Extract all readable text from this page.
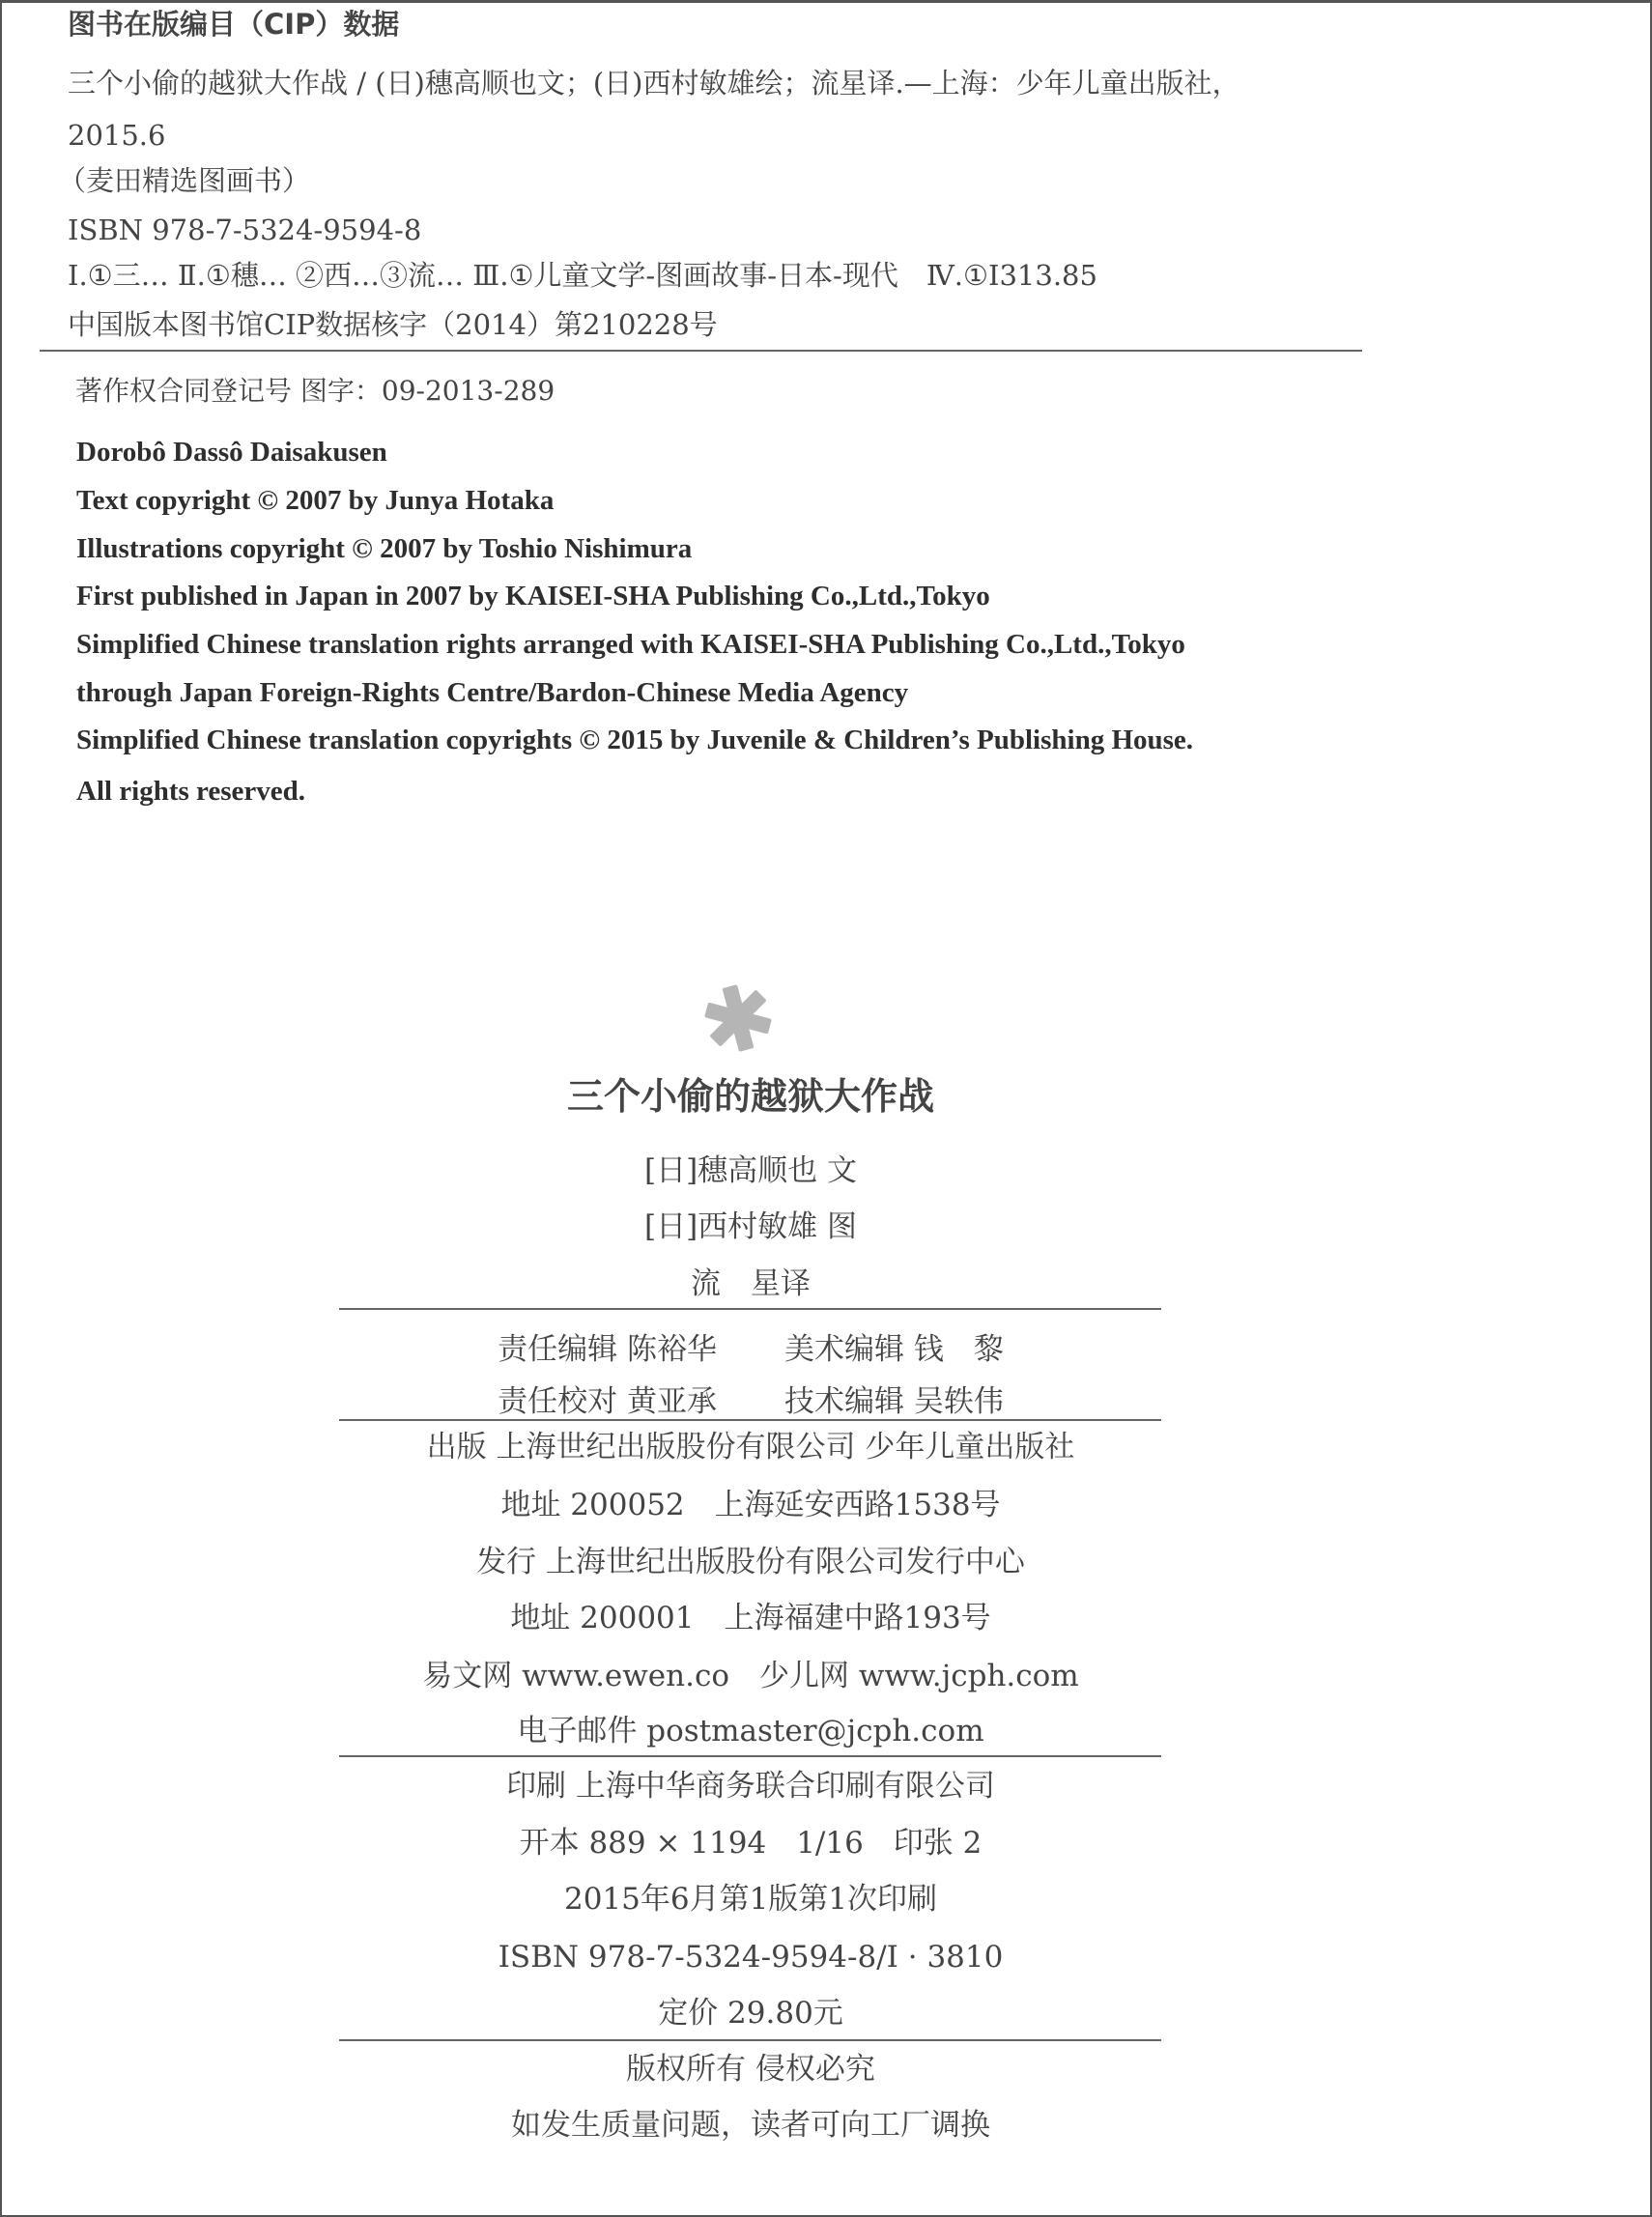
图书在版编目（CIP）数据
三个小偷的越狱大作战 / (日)穗高顺也文；(日)西村敏雄绘；流星译.—上海：少年儿童出版社，
2015.6
（麦田精选图画书）
ISBN 978-7-5324-9594-8
Ⅰ.①三… Ⅱ.①穗… ②西…③流… Ⅲ.①儿童文学-图画故事-日本-现代　Ⅳ.①I313.85
中国版本图书馆CIP数据核字（2014）第210228号
著作权合同登记号 图字：09-2013-289
Dorobô Dassô Daisakusen
Text copyright © 2007 by Junya Hotaka
Illustrations copyright © 2007 by Toshio Nishimura
First published in Japan in 2007 by KAISEI-SHA Publishing Co.,Ltd.,Tokyo
Simplified Chinese translation rights arranged with KAISEI-SHA Publishing Co.,Ltd.,Tokyo
through Japan Foreign-Rights Centre/Bardon-Chinese Media Agency
Simplified Chinese translation copyrights © 2015 by Juvenile & Children’s Publishing House.
All rights reserved.
三个小偷的越狱大作战
[日]穗高顺也 文
[日]西村敏雄 图
流　星译
责任编辑 陈裕华 美术编辑 钱　黎
责任校对 黄亚承 技术编辑 吴轶伟
出版 上海世纪出版股份有限公司 少年儿童出版社
地址 200052　上海延安西路1538号
发行 上海世纪出版股份有限公司发行中心
地址 200001　上海福建中路193号
易文网 www.ewen.co　少儿网 www.jcph.com
电子邮件 postmaster@jcph.com
印刷 上海中华商务联合印刷有限公司
开本 889 × 1194　1/16　印张 2
2015年6月第1版第1次印刷
ISBN 978-7-5324-9594-8/I · 3810
定价 29.80元
版权所有 侵权必究
如发生质量问题，读者可向工厂调换
